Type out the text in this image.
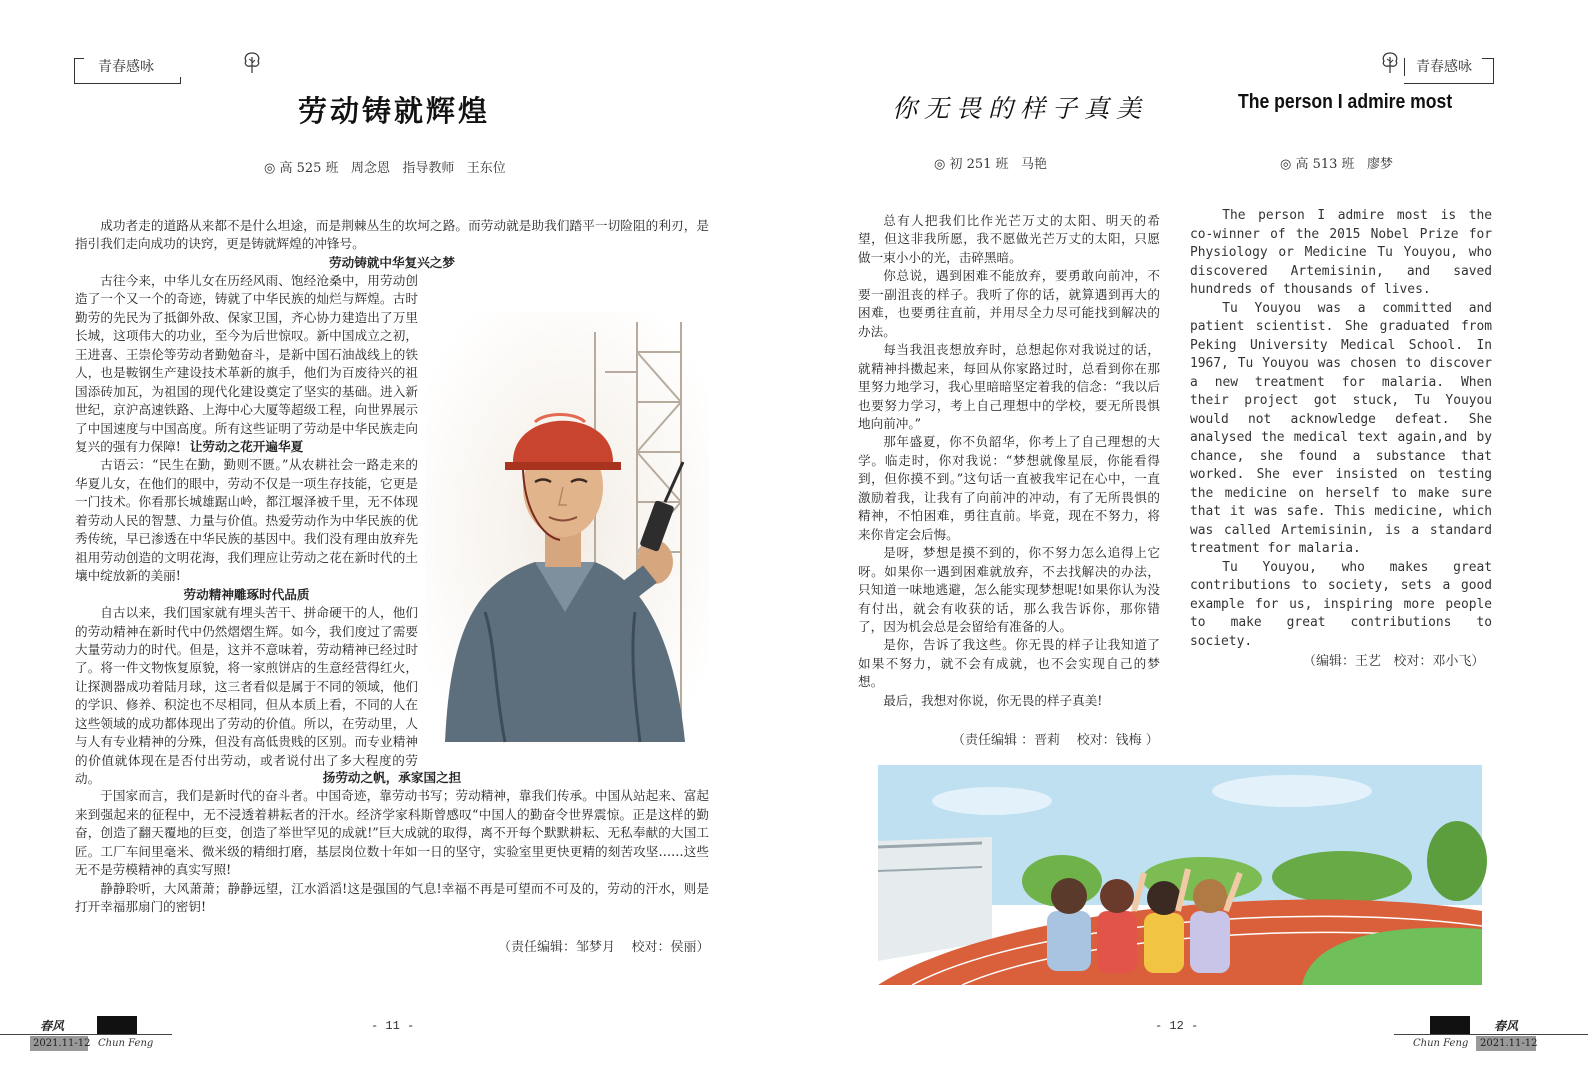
青春感咏
劳动铸就辉煌
◎ 高 525 班   周念恩   指导教师   王东位

成功者走的道路从来都不是什么坦途，而是荆棘丛生的坎坷之路。而劳动就是助我们踏平一切险阻的利刃，是指引我们走向成功的诀窍，更是铸就辉煌的冲锋号。

劳动铸就中华复兴之梦

古往今来，中华儿女在历经风雨、饱经沧桑中，用劳动创造了一个又一个的奇迹，铸就了中华民族的灿烂与辉煌。古时勤劳的先民为了抵御外敌、保家卫国，齐心协力建造出了万里长城，这项伟大的功业，至今为后世惊叹。新中国成立之初，王进喜、王崇伦等劳动者勤勉奋斗，是新中国石油战线上的铁人，也是鞍钢生产建设技术革新的旗手，他们为百废待兴的祖国添砖加瓦，为祖国的现代化建设奠定了坚实的基础。进入新世纪，京沪高速铁路、上海中心大厦等超级工程，向世界展示了中国速度与中国高度。所有这些证明了劳动是中华民族走向复兴的强有力保障!

（责任编辑：邹梦月    校对：侯丽）
春风
2021.11-12 Chun Feng
- 11 -
青春感咏
你无畏的样子真美
◎ 初 251 班   马艳

总有人把我们比作光芒万丈的太阳、明天的希望，但这非我所愿，我不愿做光芒万丈的太阳，只愿做一束小小的光，击碎黑暗。

你总说，遇到困难不能放弃，要勇敢向前冲，不要一副沮丧的样子。我听了你的话，就算遇到再大的困难，也要勇往直前，并用尽全力尽可能找到解决的办法。

每当我沮丧想放弃时，总想起你对我说过的话，就精神抖擞起来，每回从你家路过时，总看到你在那里努力地学习，我心里暗暗坚定着我的信念：“我以后也要努力学习，考上自己理想中的学校，要无所畏惧地向前冲。”

那年盛夏，你不负韶华，你考上了自己理想的大学。临走时，你对我说：“梦想就像星辰，你能看得到，但你摸不到。”这句话一直被我牢记在心中，一直激励着我，让我有了向前冲的冲动，有了无所畏惧的精神，不怕困难，勇往直前。毕竟，现在不努力，将来你肯定会后悔。

是呀，梦想是摸不到的，你不努力怎么追得上它呀。如果你一遇到困难就放弃，不去找解决的办法，只知道一味地逃避，怎么能实现梦想呢!如果你认为没有付出，就会有收获的话，那么我告诉你，那你错了，因为机会总是会留给有准备的人。

是你，告诉了我这些。你无畏的样子让我知道了如果不努力，就不会有成就，也不会实现自己的梦想。

最后，我想对你说，你无畏的样子真美!

（责任编辑 ：晋莉    校对：钱梅 ）
The person I admire most
◎ 高 513 班   廖梦

The person I admire most is the co-winner of the 2015 Nobel Prize for Physiology or Medicine Tu Youyou, who discovered Artemisinin, and saved hundreds of thousands of lives.

Tu Youyou was a committed and patient scientist. She graduated from Peking University Medical School. In 1967, Tu Youyou was chosen to discover a new treatment for malaria. When their project got stuck, Tu Youyou would not acknowledge defeat. She analysed the medical text again,and by chance, she found a substance that worked. She ever insisted on testing the medicine on herself to make sure that it was safe. This medicine, which was called Artemisinin, is a standard treatment for malaria.

Tu Youyou, who makes great contributions to society, sets a good example for us, inspiring more people to make great contributions to society.

（编辑：王艺   校对：邓小飞）
春风
Chun Feng 2021.11-12
- 12 -
让劳动之花开遍华夏

古语云：“民生在勤，勤则不匮。”从农耕社会一路走来的华夏儿女，在他们的眼中，劳动不仅是一项生存技能，它更是一门技术。你看那长城雄踞山岭，都江堰泽被千里，无不体现着劳动人民的智慧、力量与价值。热爱劳动作为中华民族的优秀传统，早已渗透在中华民族的基因中。我们没有理由放弃先祖用劳动创造的文明花海，我们理应让劳动之花在新时代的土壤中绽放新的美丽!

劳动精神雕琢时代品质

自古以来，我们国家就有埋头苦干、拼命硬干的人，他们的劳动精神在新时代中仍然熠熠生辉。如今，我们度过了需要大量劳动力的时代。但是，这并不意味着，劳动精神已经过时了。将一件文物恢复原貌，将一家煎饼店的生意经营得红火，让探测器成功着陆月球，这三者看似是属于不同的领域，他们的学识、修养、积淀也不尽相同，但从本质上看，不同的人在这些领域的成功都体现出了劳动的价值。所以，在劳动里，人与人有专业精神的分殊，但没有高低贵贱的区别。而专业精神的价值就体现在是否付出劳动，或者说付出了多大程度的劳动。	扬劳动之帆，承家国之担

于国家而言，我们是新时代的奋斗者。中国奇迹，靠劳动书写；劳动精神，靠我们传承。中国从站起来、富起来到强起来的征程中，无不浸透着耕耘者的汗水。经济学家科斯曾感叹“中国人的勤奋令世界震惊。正是这样的勤奋，创造了翻天覆地的巨变，创造了举世罕见的成就!”巨大成就的取得，离不开每个默默耕耘、无私奉献的大国工匠。工厂车间里毫米、微米级的精细打磨，基层岗位数十年如一日的坚守，实验室里更快更精的刻苦攻坚……这些无不是劳模精神的真实写照!

静静聆听，大风萧萧；静静远望，江水滔滔!这是强国的气息!幸福不再是可望而不可及的，劳动的汗水，则是打开幸福那扇门的密钥!
